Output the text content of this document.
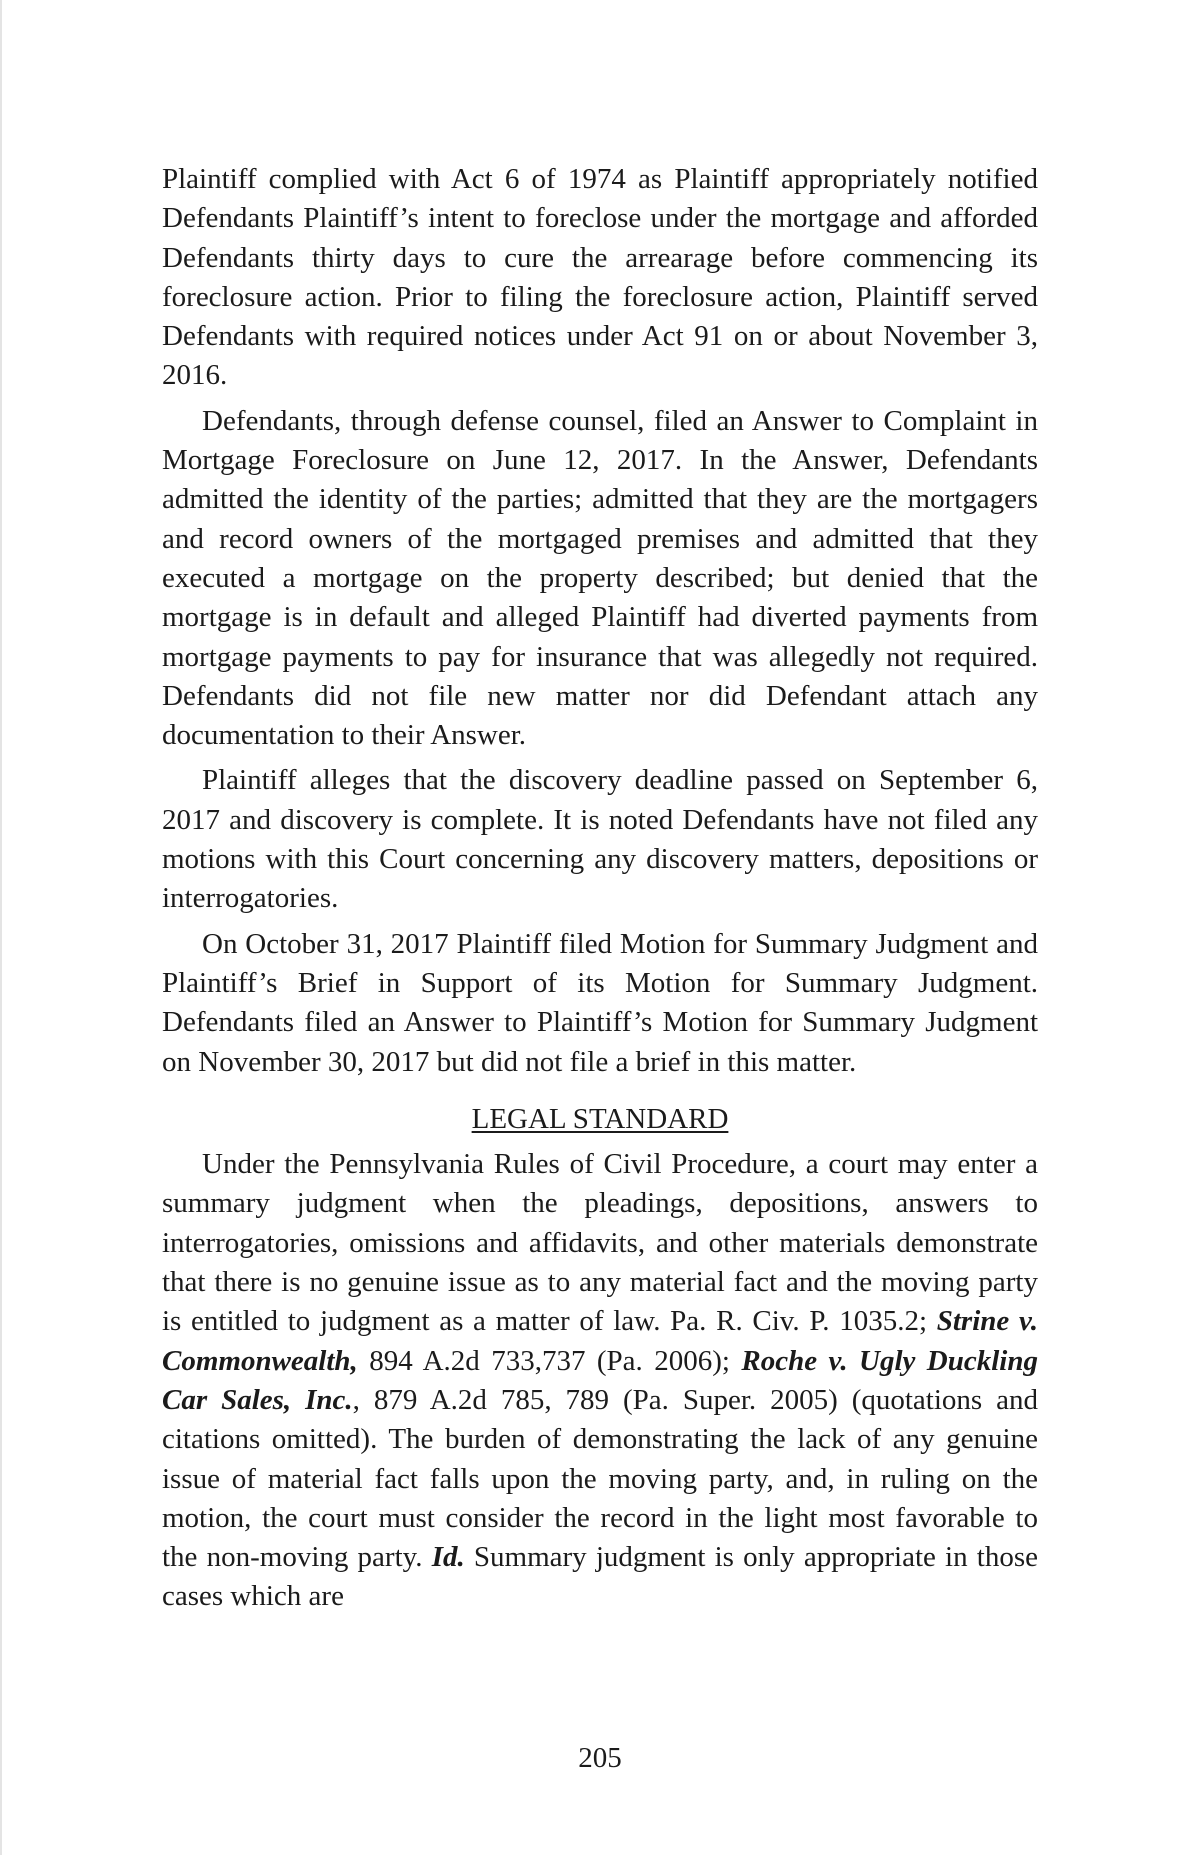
Plaintiff complied with Act 6 of 1974 as Plaintiff appropriately notified Defendants Plaintiff’s intent to foreclose under the mortgage and afforded Defendants thirty days to cure the arrearage before commencing its foreclosure action. Prior to filing the foreclosure action, Plaintiff served Defendants with required notices under Act 91 on or about November 3, 2016.

Defendants, through defense counsel, filed an Answer to Complaint in Mortgage Foreclosure on June 12, 2017. In the Answer, Defendants admitted the identity of the parties; admitted that they are the mortgagers and record owners of the mortgaged premises and admitted that they executed a mortgage on the property described; but denied that the mortgage is in default and alleged Plaintiff had diverted payments from mortgage payments to pay for insurance that was allegedly not required. Defendants did not file new matter nor did Defendant attach any documentation to their Answer.

Plaintiff alleges that the discovery deadline passed on September 6, 2017 and discovery is complete. It is noted Defendants have not filed any motions with this Court concerning any discovery matters, depositions or interrogatories.

On October 31, 2017 Plaintiff filed Motion for Summary Judgment and Plaintiff’s Brief in Support of its Motion for Summary Judgment. Defendants filed an Answer to Plaintiff’s Motion for Summary Judgment on November 30, 2017 but did not file a brief in this matter.

LEGAL STANDARD

Under the Pennsylvania Rules of Civil Procedure, a court may enter a summary judgment when the pleadings, depositions, answers to interrogatories, omissions and affidavits, and other materials demonstrate that there is no genuine issue as to any material fact and the moving party is entitled to judgment as a matter of law. Pa. R. Civ. P. 1035.2; Strine v. Commonwealth, 894 A.2d 733,737 (Pa. 2006); Roche v. Ugly Duckling Car Sales, Inc., 879 A.2d 785, 789 (Pa. Super. 2005) (quotations and citations omitted). The burden of demonstrating the lack of any genuine issue of material fact falls upon the moving party, and, in ruling on the motion, the court must consider the record in the light most favorable to the non-moving party. Id. Summary judgment is only appropriate in those cases which are

205
